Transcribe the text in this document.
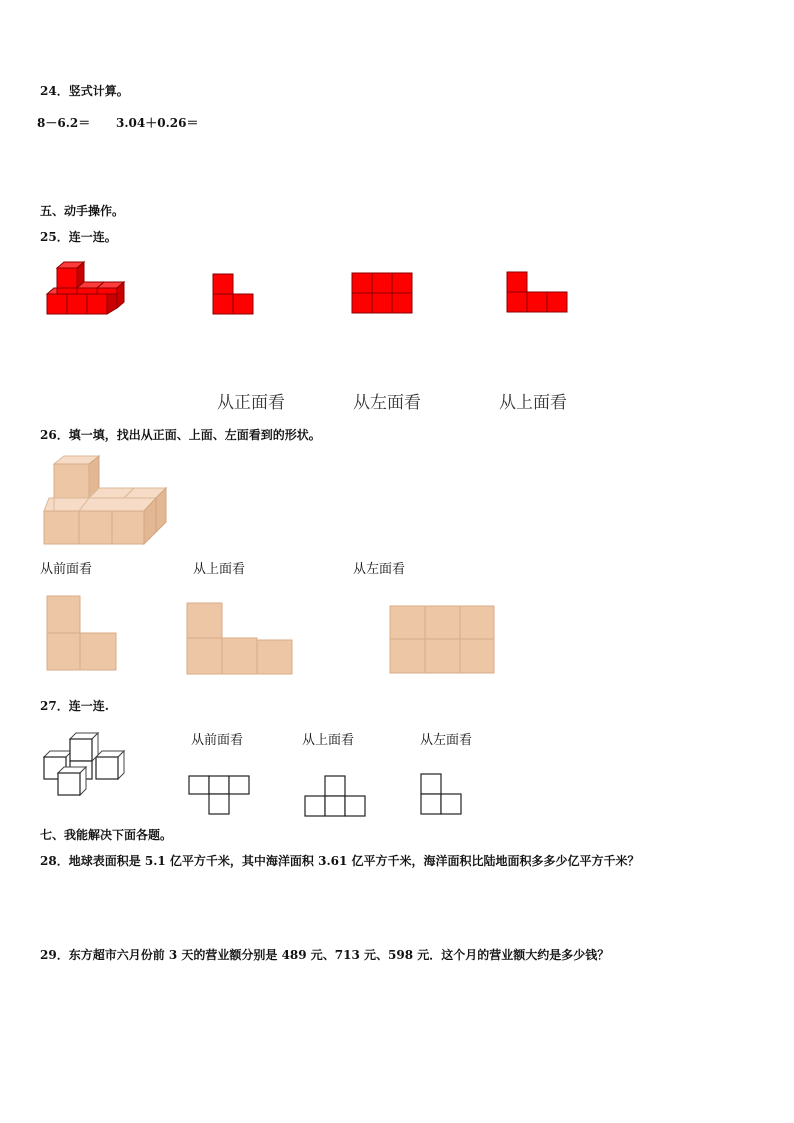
24．竖式计算。
8－6.2＝ 3.04＋0.26＝
五、动手操作。
25．连一连。
从正面看	从左面看	从上面看
26．填一填，找出从正面、上面、左面看到的形状。
从前面看	从上面看	从左面看
27．连一连.
从前面看	从上面看	从左面看
七、我能解决下面各题。
28．地球表面积是 5.1 亿平方千米，其中海洋面积 3.61 亿平方千米，海洋面积比陆地面积多多少亿平方千米？
29．东方超市六月份前 3 天的营业额分别是 489 元、713 元、598 元．这个月的营业额大约是多少钱？
